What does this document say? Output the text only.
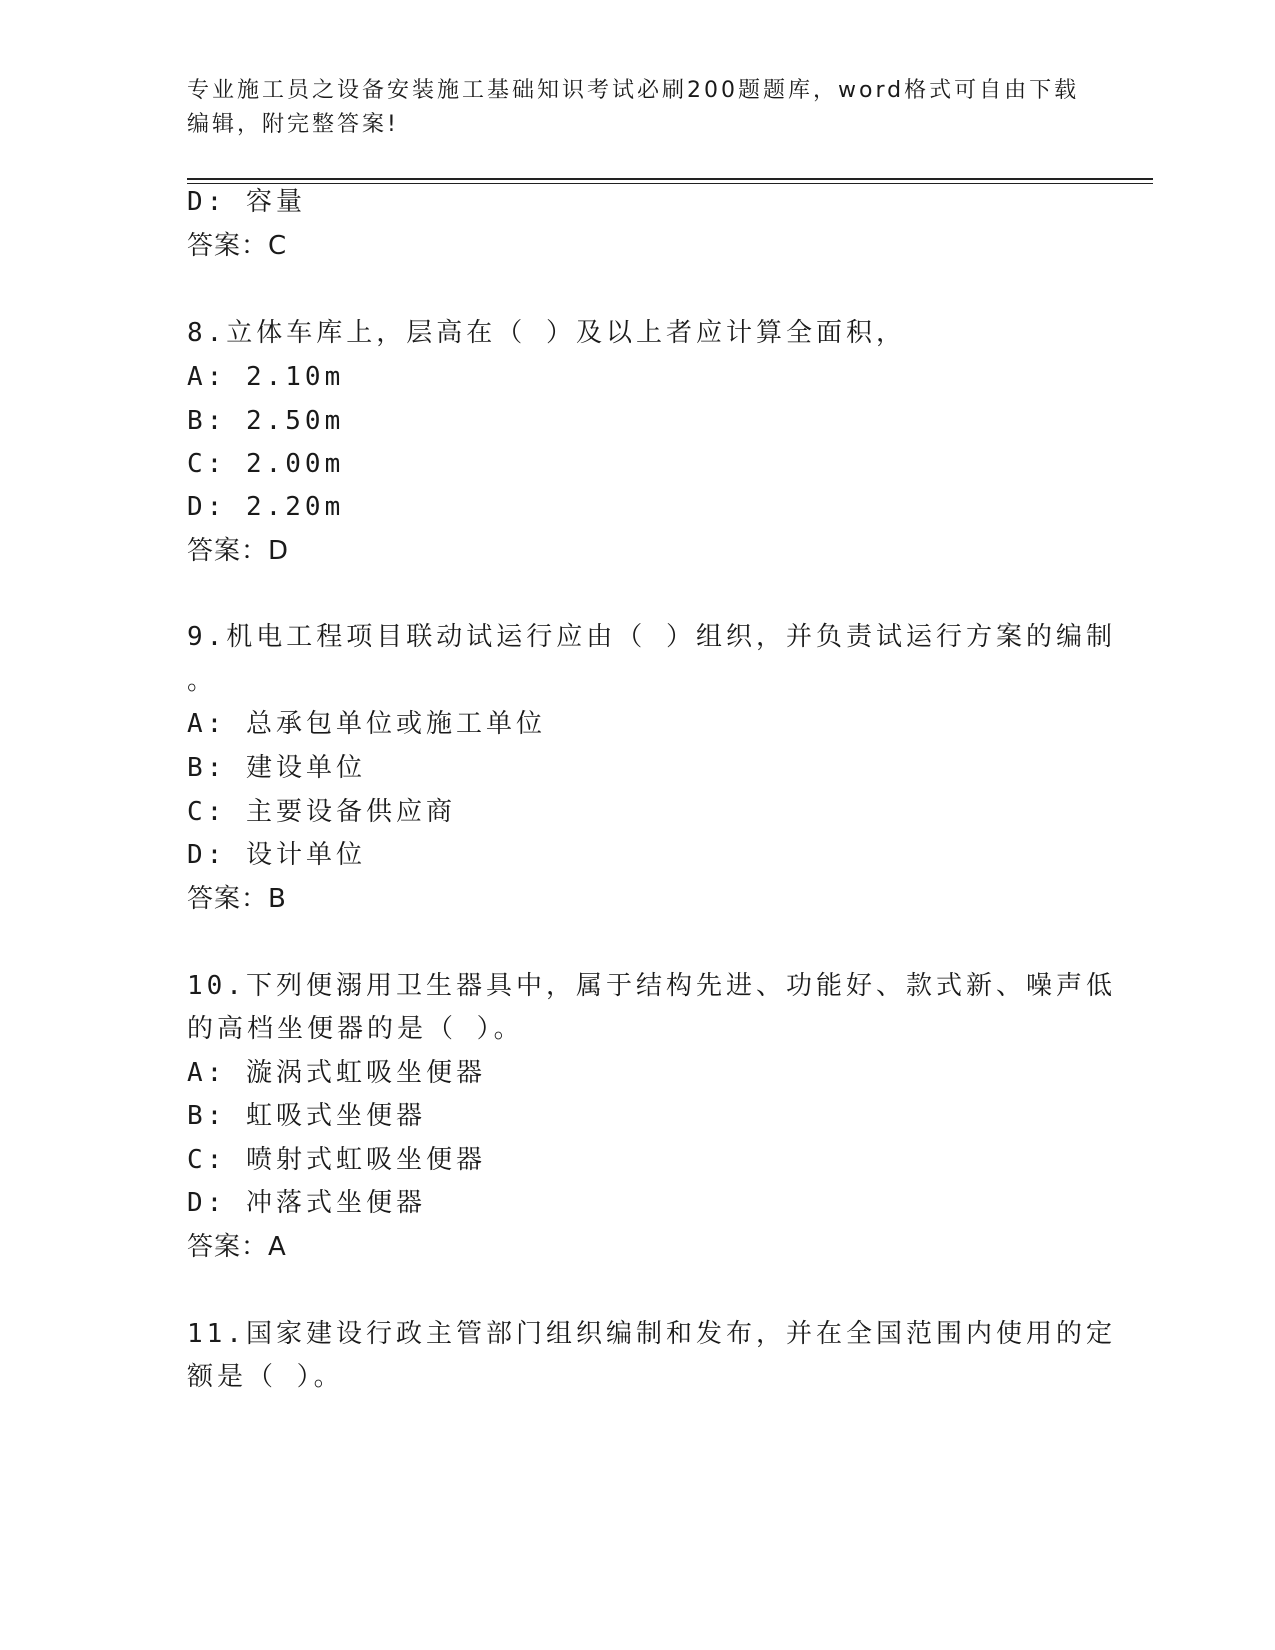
专业施工员之设备安装施工基础知识考试必刷200题题库，word格式可自由下载
编辑，附完整答案!
D: 容量
答案：C
8.立体车库上，层高在（ ）及以上者应计算全面积，
A: 2.10m
B: 2.50m
C: 2.00m
D: 2.20m
答案：D
9.机电工程项目联动试运行应由（ ）组织，并负责试运行方案的编制
。
A: 总承包单位或施工单位
B: 建设单位
C: 主要设备供应商
D: 设计单位
答案：B
10.下列便溺用卫生器具中，属于结构先进、功能好、款式新、噪声低
的高档坐便器的是（ ）。
A: 漩涡式虹吸坐便器
B: 虹吸式坐便器
C: 喷射式虹吸坐便器
D: 冲落式坐便器
答案：A
11.国家建设行政主管部门组织编制和发布，并在全国范围内使用的定
额是（ ）。
